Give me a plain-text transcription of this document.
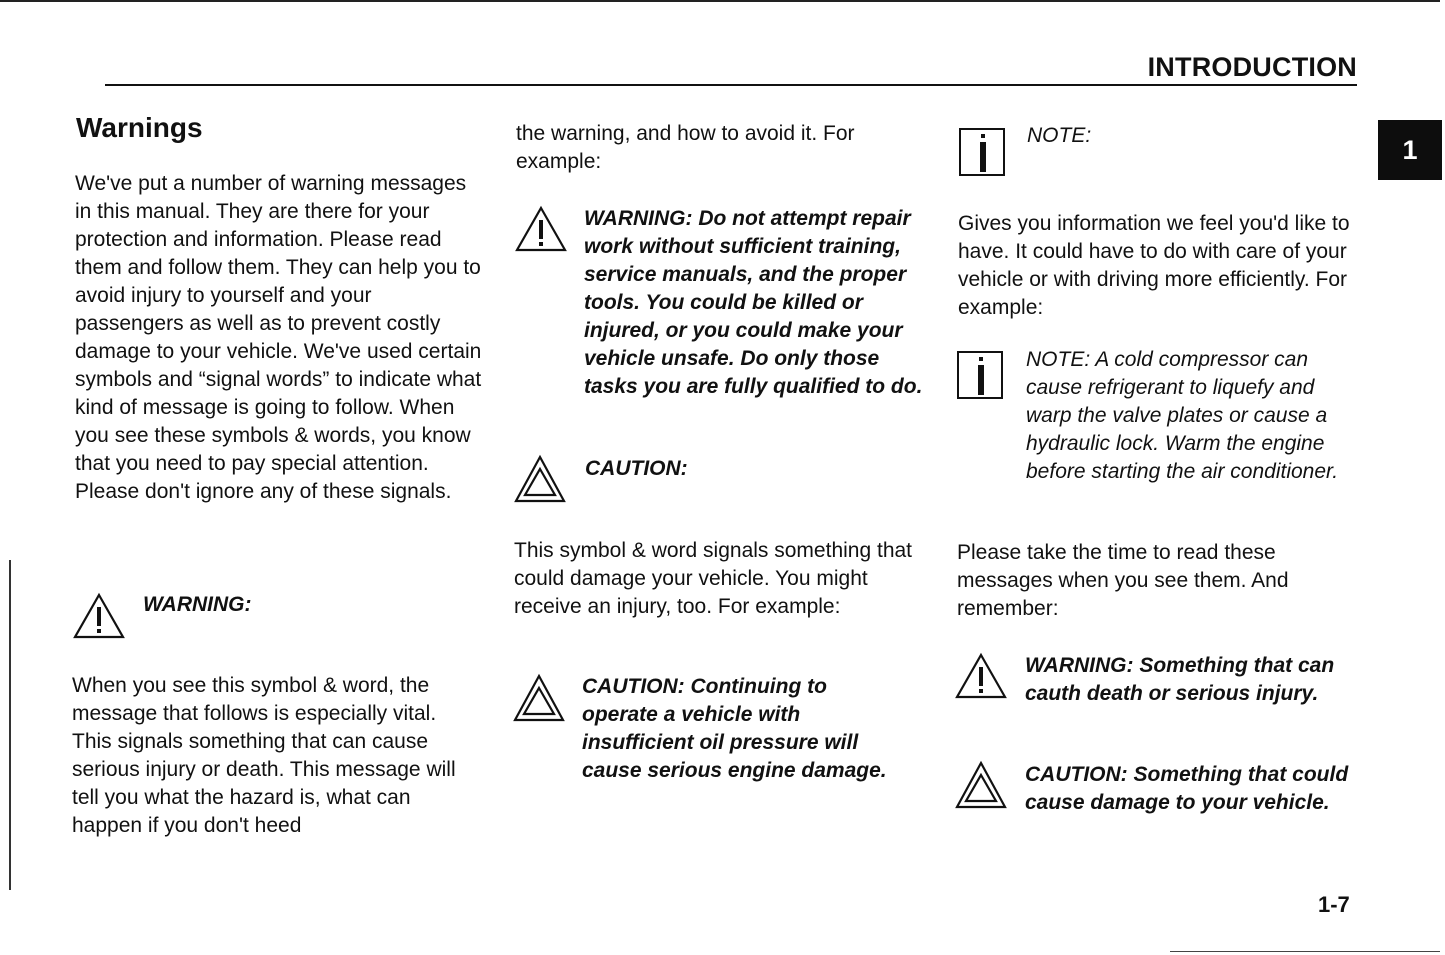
INTRODUCTION
1
Warnings

We've put a number of warning messages in this manual. They are there for your protection and information. Please read them and follow them. They can help you to avoid injury to yourself and your passengers as well as to prevent costly damage to your vehicle. We've used certain symbols and “signal words” to indicate what kind of message is going to follow. When you see these symbols & words, you know that you need to pay special attention. Please don't ignore any of these signals.

WARNING:

When you see this symbol & word, the message that follows is especially vital. This signals something that can cause serious injury or death. This message will tell you what the hazard is, what can happen if you don't heed

the warning, and how to avoid it. For example:

WARNING: Do not attempt repair work without sufficient training, service manuals, and the proper tools. You could be killed or injured, or you could make your vehicle unsafe. Do only those tasks you are fully qualified to do.

CAUTION:

This symbol & word signals something that could damage your vehicle. You might receive an injury, too. For example:

CAUTION: Continuing to operate a vehicle with insufficient oil pressure will cause serious engine damage.

NOTE:

Gives you information we feel you'd like to have. It could have to do with care of your vehicle or with driving more efficiently. For example:

NOTE: A cold compressor can cause refrigerant to liquefy and warp the valve plates or cause a hydraulic lock. Warm the engine before starting the air conditioner.

Please take the time to read these messages when you see them. And remember:

WARNING: Something that can cauth death or serious injury.

CAUTION: Something that could cause damage to your vehicle.

1-7
